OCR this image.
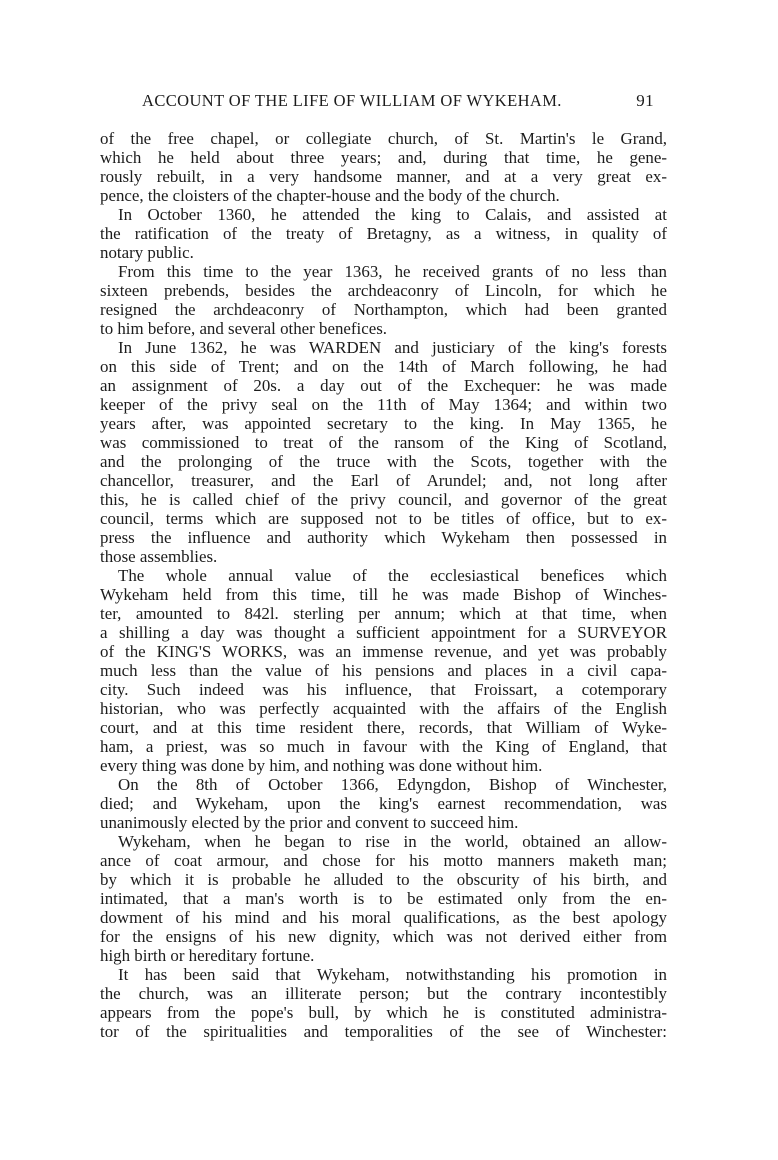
ACCOUNT OF THE LIFE OF WILLIAM OF WYKEHAM.	91

of the free chapel, or collegiate church, of St. Martin's le Grand,

which he held about three years; and, during that time, he gene-

rously rebuilt, in a very handsome manner, and at a very great ex-

pence, the cloisters of the chapter-house and the body of the church.

In October 1360, he attended the king to Calais, and assisted at

the ratification of the treaty of Bretagny, as a witness, in quality of

notary public.

From this time to the year 1363, he received grants of no less than

sixteen prebends, besides the archdeaconry of Lincoln, for which he

resigned the archdeaconry of Northampton, which had been granted

to him before, and several other benefices.

In June 1362, he was WARDEN and justiciary of the king's forests

on this side of Trent; and on the 14th of March following, he had

an assignment of 20s. a day out of the Exchequer: he was made

keeper of the privy seal on the 11th of May 1364; and within two

years after, was appointed secretary to the king. In May 1365, he

was commissioned to treat of the ransom of the King of Scotland,

and the prolonging of the truce with the Scots, together with the

chancellor, treasurer, and the Earl of Arundel; and, not long after

this, he is called chief of the privy council, and governor of the great

council, terms which are supposed not to be titles of office, but to ex-

press the influence and authority which Wykeham then possessed in

those assemblies.

The whole annual value of the ecclesiastical benefices which

Wykeham held from this time, till he was made Bishop of Winches-

ter, amounted to 842l. sterling per annum; which at that time, when

a shilling a day was thought a sufficient appointment for a SURVEYOR

of the KING'S WORKS, was an immense revenue, and yet was probably

much less than the value of his pensions and places in a civil capa-

city. Such indeed was his influence, that Froissart, a cotemporary

historian, who was perfectly acquainted with the affairs of the English

court, and at this time resident there, records, that William of Wyke-

ham, a priest, was so much in favour with the King of England, that

every thing was done by him, and nothing was done without him.

On the 8th of October 1366, Edyngdon, Bishop of Winchester,

died; and Wykeham, upon the king's earnest recommendation, was

unanimously elected by the prior and convent to succeed him.

Wykeham, when he began to rise in the world, obtained an allow-

ance of coat armour, and chose for his motto manners maketh man;

by which it is probable he alluded to the obscurity of his birth, and

intimated, that a man's worth is to be estimated only from the en-

dowment of his mind and his moral qualifications, as the best apology

for the ensigns of his new dignity, which was not derived either from

high birth or hereditary fortune.

It has been said that Wykeham, notwithstanding his promotion in

the church, was an illiterate person; but the contrary incontestibly

appears from the pope's bull, by which he is constituted administra-

tor of the spiritualities and temporalities of the see of Winchester:
